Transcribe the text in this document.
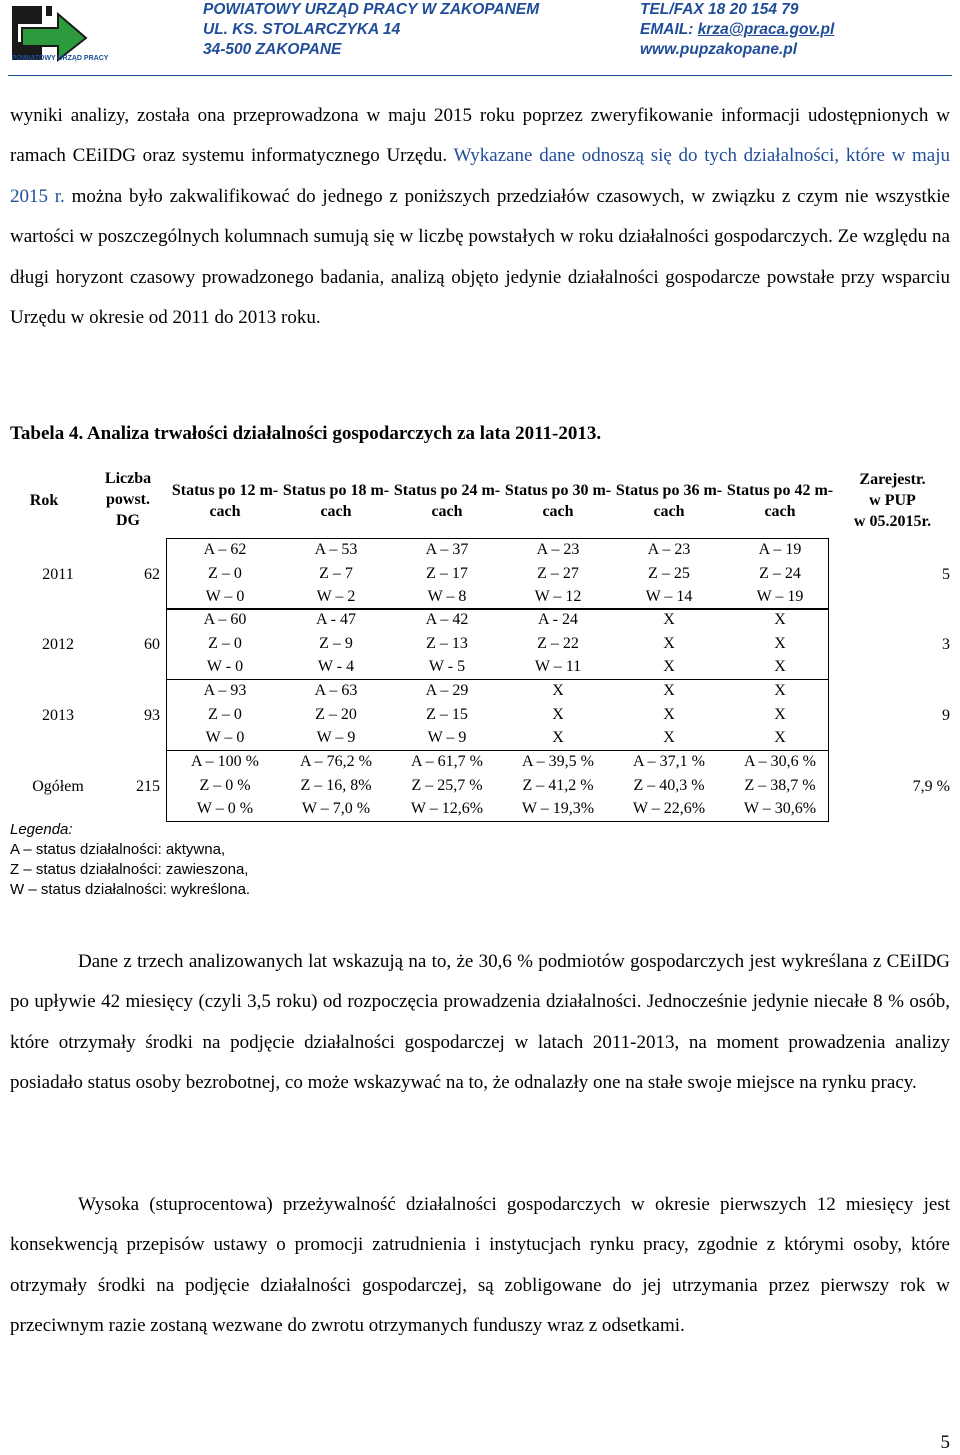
POWIATOWY URZĄD PRACY
POWIATOWY URZĄD PRACY W ZAKOPANEM
UL. KS. STOLARCZYKA 14
34-500 ZAKOPANE
TEL/FAX 18 20 154 79
EMAIL: krza@praca.gov.pl
www.pupzakopane.pl

wyniki analizy, została ona przeprowadzona w maju 2015 roku poprzez zweryfikowanie informacji udostępnionych w ramach CEiIDG oraz systemu informatycznego Urzędu. Wykazane dane odnoszą się do tych działalności, które w maju 2015 r. można było zakwalifikować do jednego z poniższych przedziałów czasowych, w związku z czym nie wszystkie wartości w poszczególnych kolumnach sumują się w liczbę powstałych w roku działalności gospodarczych. Ze względu na długi horyzont czasowy prowadzonego badania, analizą objęto jedynie działalności gospodarcze powstałe przy wsparciu Urzędu w okresie od 2011 do 2013 roku.

Tabela 4. Analiza trwałości działalności gospodarczych za lata 2011-2013.
Rok
Liczba
powst.
DG
Status po 12 m-cach
Status po 18 m-cach
Status po 24 m-cach
Status po 30 m-cach
Status po 36 m-cach
Status po 42 m-cach
Zarejestr.
w PUP
w 05.2015r.
2011	62	5
A – 62	A – 53	A – 37	A – 23	A – 23	A – 19
Z – 0	Z – 7	Z – 17	Z – 27	Z – 25	Z – 24
W – 0	W – 2	W – 8	W – 12	W – 14	W – 19
2012	60	3
A – 60	A - 47	A – 42	A - 24	X	X
Z – 0	Z – 9	Z – 13	Z – 22	X	X
W - 0	W - 4	W - 5	W – 11	X	X
2013	93	9
A – 93	A – 63	A – 29	X	X	X
Z – 0	Z – 20	Z – 15	X	X	X
W – 0	W – 9	W – 9	X	X	X
Ogółem	215	7,9 %
A – 100 %	A – 76,2 %	A – 61,7 %	A – 39,5 %	A – 37,1 %	A – 30,6 %
Z – 0 %	Z – 16, 8%	Z – 25,7 %	Z – 41,2 %	Z – 40,3 %	Z – 38,7 %
W – 0 %	W – 7,0 %	W – 12,6%	W – 19,3%	W – 22,6%	W – 30,6%
Legenda:
A – status działalności: aktywna,
Z – status działalności: zawieszona,
W – status działalności: wykreślona.

Dane z trzech analizowanych lat wskazują na to, że 30,6 % podmiotów gospodarczych jest wykreślana z CEiIDG po upływie 42 miesięcy (czyli 3,5 roku) od rozpoczęcia prowadzenia działalności. Jednocześnie jedynie niecałe 8 % osób, które otrzymały środki na podjęcie działalności gospodarczej w latach 2011-2013, na moment prowadzenia analizy posiadało status osoby bezrobotnej, co może wskazywać na to, że odnalazły one na stałe swoje miejsce na rynku pracy.

Wysoka (stuprocentowa) przeżywalność działalności gospodarczych w okresie pierwszych 12 miesięcy jest konsekwencją przepisów ustawy o promocji zatrudnienia i instytucjach rynku pracy, zgodnie z którymi osoby, które otrzymały środki na podjęcie działalności gospodarczej, są zobligowane do jej utrzymania przez pierwszy rok w przeciwnym razie zostaną wezwane do zwrotu otrzymanych funduszy wraz z odsetkami.

5
